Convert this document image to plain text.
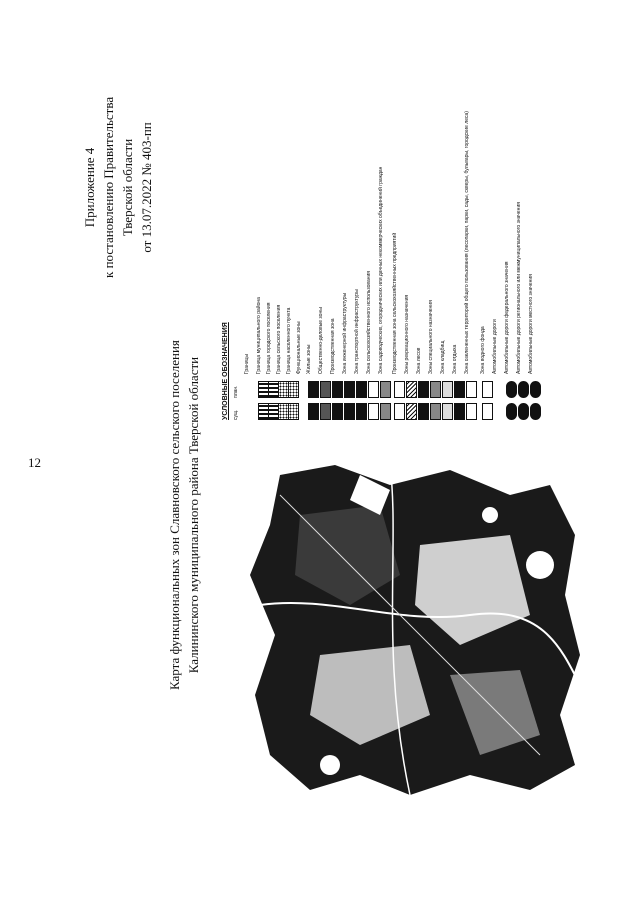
12
Приложение 4 к постановлению Правительства Тверской области от 13.07.2022 № 403-пп
Карта функциональных зон Славновского сельского поселения Калининского муниципального района Тверской области	УСЛОВНЫЕ ОБОЗНАЧЕНИЯ сущ.
план.
Границы Граница муниципального района Граница городского поселения Граница сельского поселения Граница населенного пункта Функциональные зоны Жилые зоны Общественно-деловые зоны Производственная зона Зона инженерной инфраструктуры Зона транспортной инфраструктуры Зона сельскохозяйственного использования Зона садоводческих, огороднических или дачных некоммерческих объединений граждан Производственная зона сельскохозяйственных предприятий Зоны рекреационного назначения Зона лесов Зоны специального назначения Зона кладбищ Зона отдыха Зона озелененных территорий общего пользования (лесопарки, парки, сады, скверы, бульвары, городские леса) Зона водного фонда Автомобильные дороги Автомобильные дороги федерального значения Автомобильные дороги регионального или межмуниципального значения Автомобильные дороги местного значения
